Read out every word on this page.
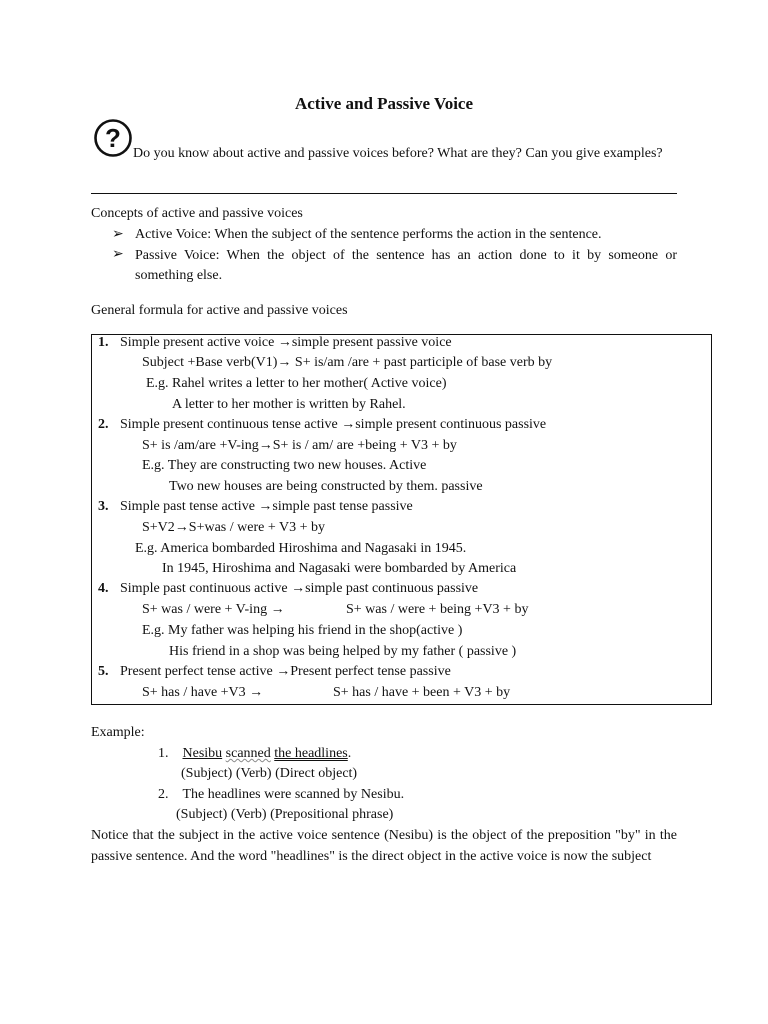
Active and Passive Voice
?
Do you know about active and passive voices before? What are they? Can you give examples?
Concepts of active and passive voices
➢ Active Voice: When the subject of the sentence performs the action in the sentence.
➢ Passive Voice: When the object of the sentence has an action done to it by someone or something else.
General formula for active and passive voices
1. Simple present active voice →simple present passive voice
Subject +Base verb(V1)→ S+ is/am /are + past participle of base verb by
E.g. Rahel writes a letter to her mother( Active voice)
A letter to her mother is written by Rahel.
2. Simple present continuous tense active →simple present continuous passive
S+ is /am/are +V-ing→S+ is / am/ are +being + V3 + by
E.g. They are constructing two new houses. Active
Two new houses are being constructed by them. passive
3. Simple past tense active →simple past tense passive
S+V2→S+was / were + V3 + by
E.g. America bombarded Hiroshima and Nagasaki in 1945.
In 1945, Hiroshima and Nagasaki were bombarded by America
4. Simple past continuous active →simple past continuous passive
S+ was / were + V-ing →	S+ was / were + being +V3 + by
E.g. My father was helping his friend in the shop(active )
His friend in a shop was being helped by my father ( passive )
5. Present perfect tense active →Present perfect tense passive
S+ has / have +V3 →	S+ has / have + been + V3 + by
Example:
1. Nesibu scanned the headlines.
(Subject) (Verb) (Direct object)
2. The headlines were scanned by Nesibu.
(Subject) (Verb) (Prepositional phrase)
Notice that the subject in the active voice sentence (Nesibu) is the object of the preposition "by" in the passive sentence. And the word "headlines" is the direct object in the active voice is now the subject
